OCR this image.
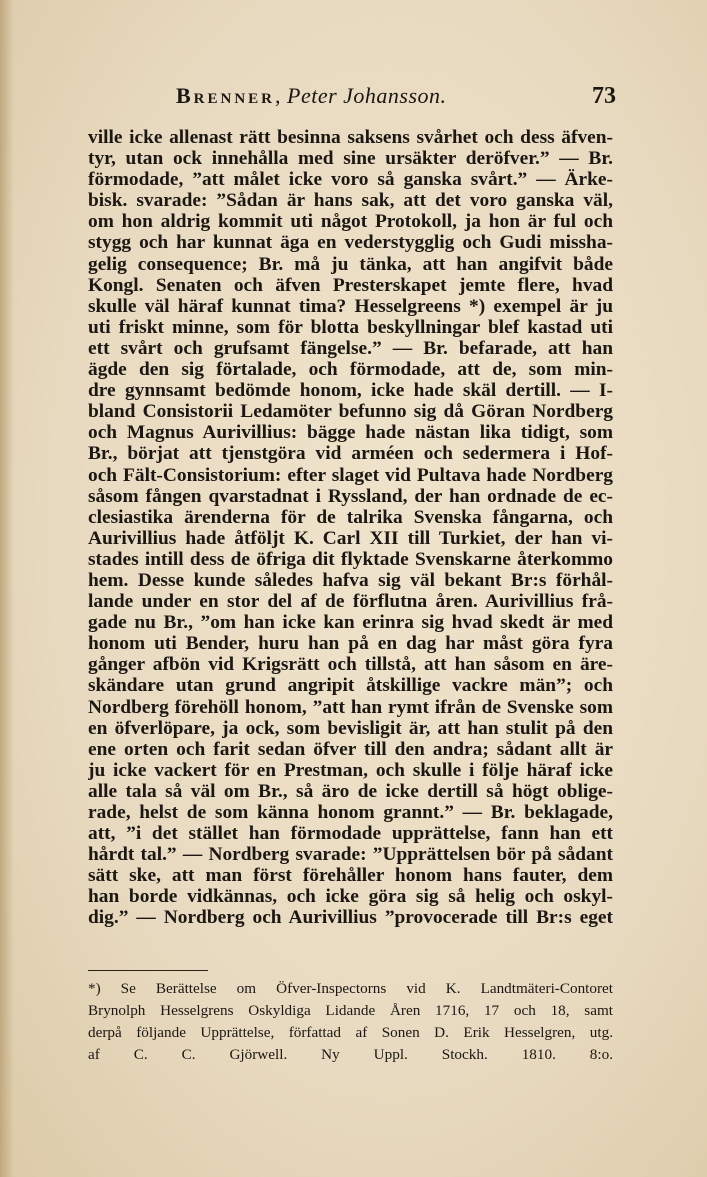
Brenner, Peter Johansson.	73
ville icke allenast rätt besinna saksens svårhet och dess äfven-
tyr, utan ock innehålla med sine ursäkter deröfver.” — Br.
förmodade, ”att målet icke voro så ganska svårt.” — Ärke-
bisk. svarade: ”Sådan är hans sak, att det voro ganska väl,
om hon aldrig kommit uti något Protokoll, ja hon är ful och
stygg och har kunnat äga en vederstygglig och Gudi missha-
gelig consequence; Br. må ju tänka, att han angifvit både
Kongl. Senaten och äfven Presterskapet jemte flere, hvad
skulle väl häraf kunnat tima? Hesselgreens *) exempel är ju
uti friskt minne, som för blotta beskyllningar blef kastad uti
ett svårt och grufsamt fängelse.” — Br. befarade, att han
ägde den sig förtalade, och förmodade, att de, som min-
dre gynnsamt bedömde honom, icke hade skäl dertill. — I-
bland Consistorii Ledamöter befunno sig då Göran Nordberg
och Magnus Aurivillius: bägge hade nästan lika tidigt, som
Br., börjat att tjenstgöra vid arméen och sedermera i Hof-
och Fält-Consistorium: efter slaget vid Pultava hade Nordberg
såsom fången qvarstadnat i Ryssland, der han ordnade de ec-
clesiastika ärenderna för de talrika Svenska fångarna, och
Aurivillius hade åtföljt K. Carl XII till Turkiet, der han vi-
stades intill dess de öfriga dit flyktade Svenskarne återkommo
hem. Desse kunde således hafva sig väl bekant Br:s förhål-
lande under en stor del af de förflutna åren. Aurivillius frå-
gade nu Br., ”om han icke kan erinra sig hvad skedt är med
honom uti Bender, huru han på en dag har måst göra fyra
gånger afbön vid Krigsrätt och tillstå, att han såsom en äre-
skändare utan grund angripit åtskillige vackre män”; och
Nordberg förehöll honom, ”att han rymt ifrån de Svenske som
en öfverlöpare, ja ock, som bevisligit är, att han stulit på den
ene orten och farit sedan öfver till den andra; sådant allt är
ju icke vackert för en Prestman, och skulle i följe häraf icke
alle tala så väl om Br., så äro de icke dertill så högt oblige-
rade, helst de som känna honom grannt.” — Br. beklagade,
att, ”i det stället han förmodade upprättelse, fann han ett
hårdt tal.” — Nordberg svarade: ”Upprättelsen bör på sådant
sätt ske, att man först förehåller honom hans fauter, dem
han borde vidkännas, och icke göra sig så helig och oskyl-
dig.” — Nordberg och Aurivillius ”provocerade till Br:s eget
*) Se Berättelse om Öfver-Inspectorns vid K. Landtmäteri-Contoret
Brynolph Hesselgrens Oskyldiga Lidande Åren 1716, 17 och 18, samt
derpå följande Upprättelse, författad af Sonen D. Erik Hesselgren, utg.
af C. C. Gjörwell. Ny Uppl. Stockh. 1810. 8:o.
